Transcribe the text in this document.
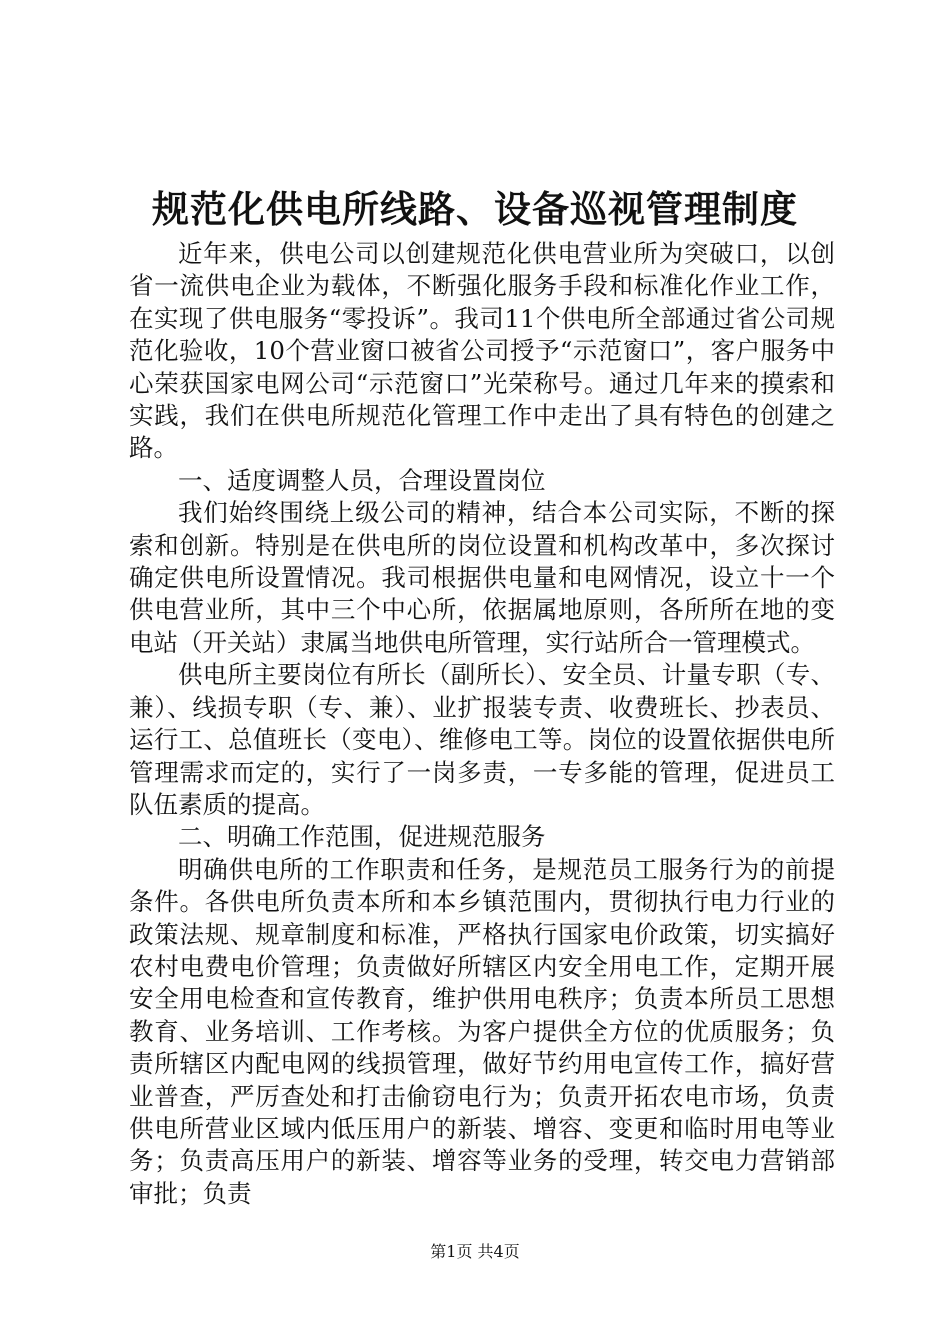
规范化供电所线路、设备巡视管理制度

近年来，供电公司以创建规范化供电营业所为突破口，以创省一流供电企业为载体，不断强化服务手段和标准化作业工作，在实现了供电服务“零投诉”。我司11个供电所全部通过省公司规范化验收，10个营业窗口被省公司授予“示范窗口”，客户服务中心荣获国家电网公司“示范窗口”光荣称号。通过几年来的摸索和实践，我们在供电所规范化管理工作中走出了具有特色的创建之路。

一、适度调整人员，合理设置岗位

我们始终围绕上级公司的精神，结合本公司实际，不断的探索和创新。特别是在供电所的岗位设置和机构改革中，多次探讨确定供电所设置情况。我司根据供电量和电网情况，设立十一个供电营业所，其中三个中心所，依据属地原则，各所所在地的变电站（开关站）隶属当地供电所管理，实行站所合一管理模式。

供电所主要岗位有所长（副所长）、安全员、计量专职（专、兼）、线损专职（专、兼）、业扩报装专责、收费班长、抄表员、运行工、总值班长（变电）、维修电工等。岗位的设置依据供电所管理需求而定的，实行了一岗多责，一专多能的管理，促进员工队伍素质的提高。

二、明确工作范围，促进规范服务

明确供电所的工作职责和任务，是规范员工服务行为的前提条件。各供电所负责本所和本乡镇范围内，贯彻执行电力行业的政策法规、规章制度和标准，严格执行国家电价政策，切实搞好农村电费电价管理；负责做好所辖区内安全用电工作，定期开展安全用电检查和宣传教育，维护供用电秩序；负责本所员工思想教育、业务培训、工作考核。为客户提供全方位的优质服务；负责所辖区内配电网的线损管理，做好节约用电宣传工作，搞好营业普查，严厉查处和打击偷窃电行为；负责开拓农电市场，负责供电所营业区域内低压用户的新装、增容、变更和临时用电等业务；负责高压用户的新装、增容等业务的受理，转交电力营销部审批；负责

第1页 共4页
